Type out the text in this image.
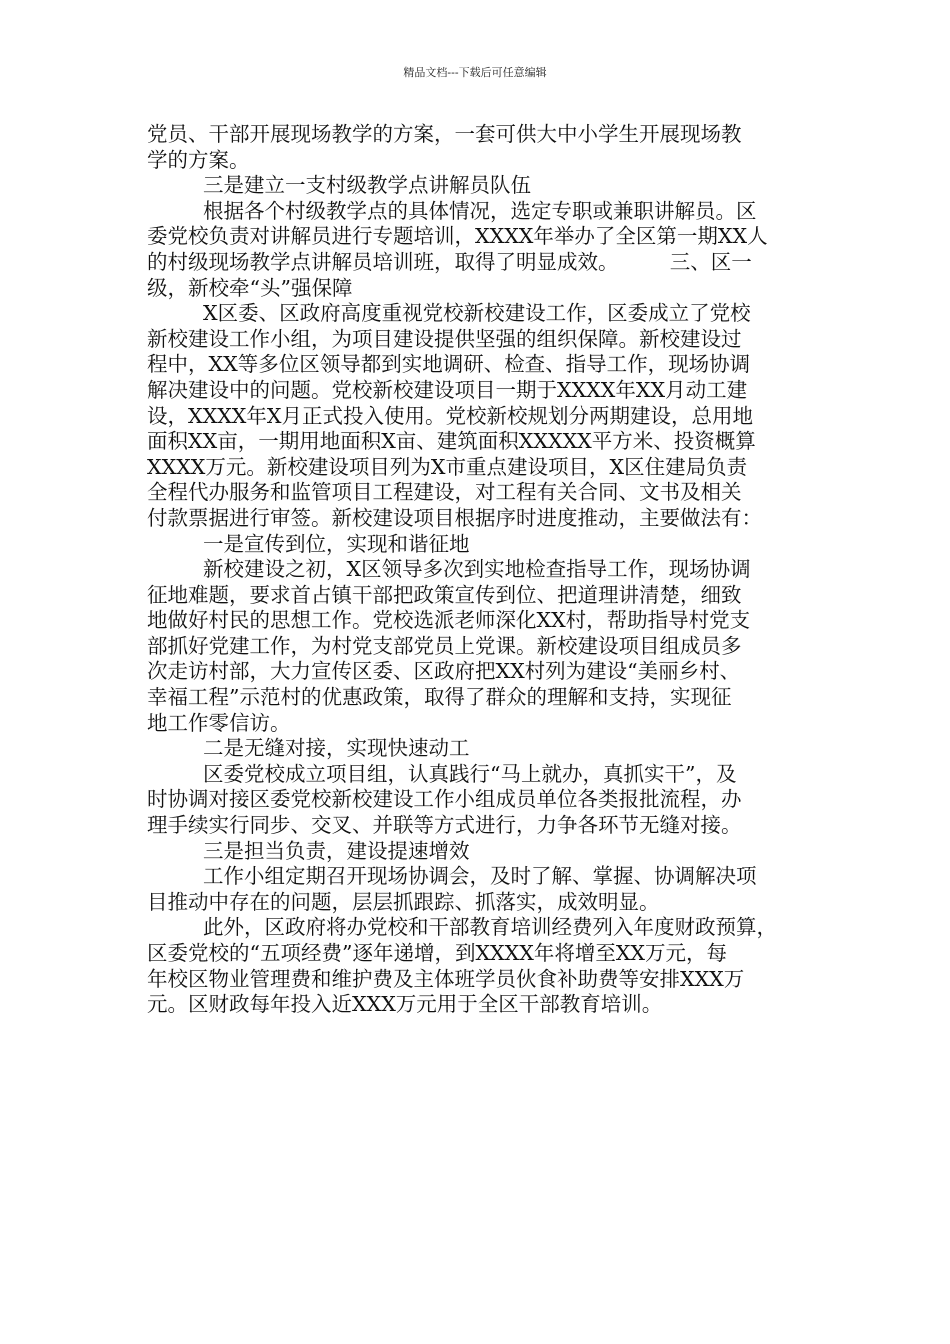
精品文档---下载后可任意编辑
党员、干部开展现场教学的方案，一套可供大中小学生开展现场教
学的方案。
三是建立一支村级教学点讲解员队伍
根据各个村级教学点的具体情况，选定专职或兼职讲解员。区
委党校负责对讲解员进行专题培训，XXXX年举办了全区第一期XX人
的村级现场教学点讲解员培训班，取得了明显成效。　　　三、区一
级，新校牵“头”强保障
X区委、区政府高度重视党校新校建设工作，区委成立了党校
新校建设工作小组，为项目建设提供坚强的组织保障。新校建设过
程中，XX等多位区领导都到实地调研、检查、指导工作，现场协调
解决建设中的问题。党校新校建设项目一期于XXXX年XX月动工建
设，XXXX年X月正式投入使用。党校新校规划分两期建设，总用地
面积XX亩，一期用地面积X亩、建筑面积XXXXX平方米、投资概算
XXXX万元。新校建设项目列为X市重点建设项目，X区住建局负责
全程代办服务和监管项目工程建设，对工程有关合同、文书及相关
付款票据进行审签。新校建设项目根据序时进度推动，主要做法有：
一是宣传到位，实现和谐征地
新校建设之初，X区领导多次到实地检查指导工作，现场协调
征地难题，要求首占镇干部把政策宣传到位、把道理讲清楚，细致
地做好村民的思想工作。党校选派老师深化XX村，帮助指导村党支
部抓好党建工作，为村党支部党员上党课。新校建设项目组成员多
次走访村部，大力宣传区委、区政府把XX村列为建设“美丽乡村、
幸福工程”示范村的优惠政策，取得了群众的理解和支持，实现征
地工作零信访。
二是无缝对接，实现快速动工
区委党校成立项目组，认真践行“马上就办，真抓实干”，及
时协调对接区委党校新校建设工作小组成员单位各类报批流程，办
理手续实行同步、交叉、并联等方式进行，力争各环节无缝对接。
三是担当负责，建设提速增效
工作小组定期召开现场协调会，及时了解、掌握、协调解决项
目推动中存在的问题，层层抓跟踪、抓落实，成效明显。
此外，区政府将办党校和干部教育培训经费列入年度财政预算，
区委党校的“五项经费”逐年递增，到XXXX年将增至XX万元，每
年校区物业管理费和维护费及主体班学员伙食补助费等安排XXX万
元。区财政每年投入近XXX万元用于全区干部教育培训。
